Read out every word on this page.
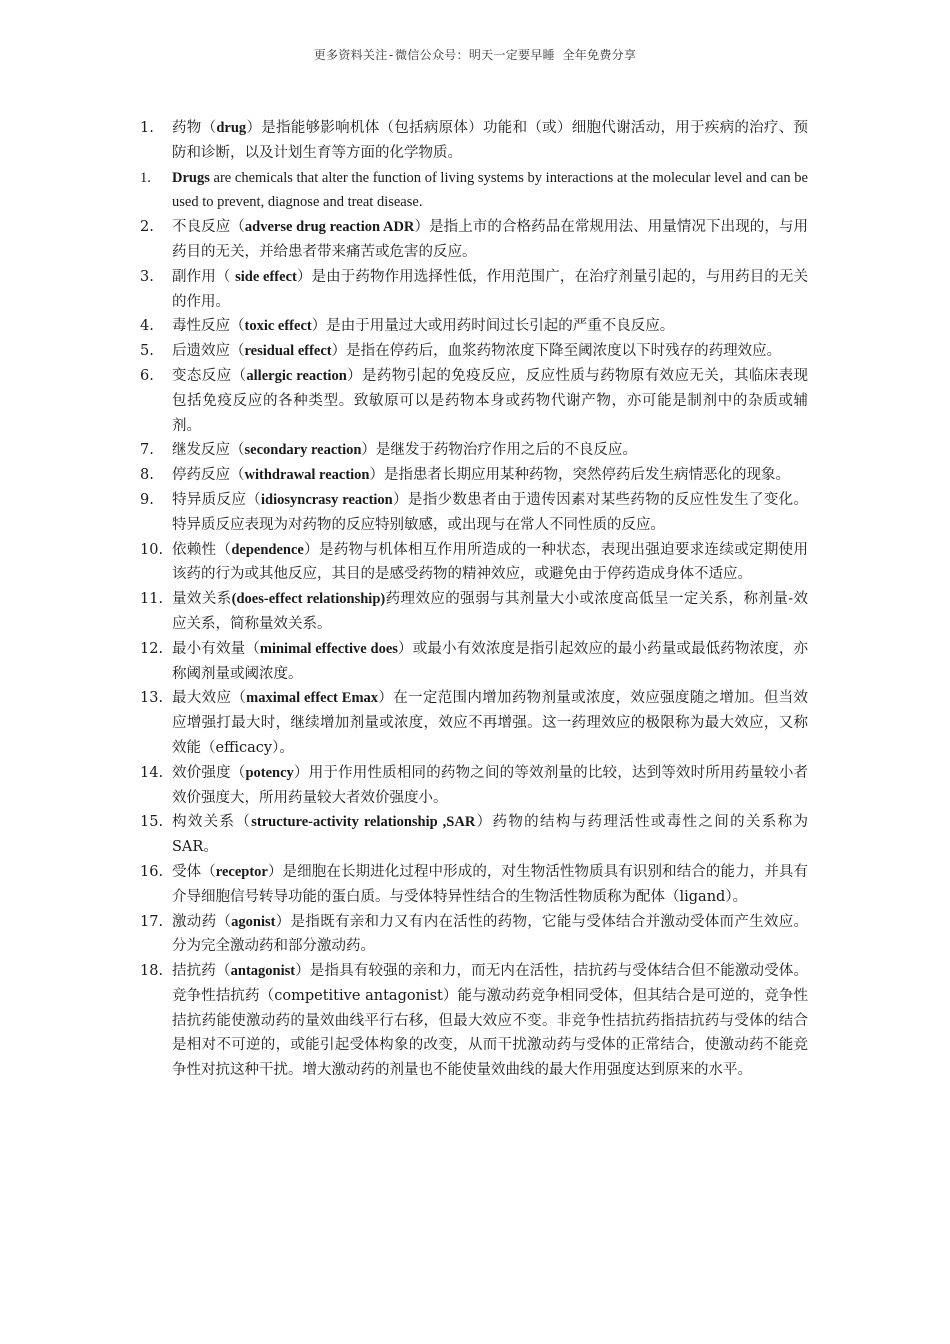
更多资料关注-微信公众号：明天一定要早睡 全年免费分享
1.	药物（drug）是指能够影响机体（包括病原体）功能和（或）细胞代谢活动，用于疾病的治疗、预防和诊断，以及计划生育等方面的化学物质。
1.	Drugs are chemicals that alter the function of living systems by interactions at the molecular level and can be used to prevent, diagnose and treat disease.
2.	不良反应（adverse drug reaction ADR）是指上市的合格药品在常规用法、用量情况下出现的，与用药目的无关，并给患者带来痛苦或危害的反应。
3.	副作用（ side effect）是由于药物作用选择性低，作用范围广，在治疗剂量引起的，与用药目的无关的作用。
4.	毒性反应（toxic effect）是由于用量过大或用药时间过长引起的严重不良反应。
5.	后遗效应（residual effect）是指在停药后，血浆药物浓度下降至阈浓度以下时残存的药理效应。
6.	变态反应（allergic reaction）是药物引起的免疫反应，反应性质与药物原有效应无关，其临床表现包括免疫反应的各种类型。致敏原可以是药物本身或药物代谢产物，亦可能是制剂中的杂质或辅剂。
7.	继发反应（secondary reaction）是继发于药物治疗作用之后的不良反应。
8.	停药反应（withdrawal reaction）是指患者长期应用某种药物，突然停药后发生病情恶化的现象。
9.	特异质反应（idiosyncrasy reaction）是指少数患者由于遗传因素对某些药物的反应性发生了变化。特异质反应表现为对药物的反应特别敏感，或出现与在常人不同性质的反应。
10. 依赖性（dependence）是药物与机体相互作用所造成的一种状态，表现出强迫要求连续或定期使用该药的行为或其他反应，其目的是感受药物的精神效应，或避免由于停药造成身体不适应。
11. 量效关系(does-effect relationship)药理效应的强弱与其剂量大小或浓度高低呈一定关系，称剂量-效应关系，简称量效关系。
12. 最小有效量（minimal effective does）或最小有效浓度是指引起效应的最小药量或最低药物浓度，亦称阈剂量或阈浓度。
13. 最大效应（maximal effect Emax）在一定范围内增加药物剂量或浓度，效应强度随之增加。但当效应增强打最大时，继续增加剂量或浓度，效应不再增强。这一药理效应的极限称为最大效应，又称效能（efficacy）。
14. 效价强度（potency）用于作用性质相同的药物之间的等效剂量的比较，达到等效时所用药量较小者效价强度大，所用药量较大者效价强度小。
15. 构效关系（structure-activity relationship ,SAR）药物的结构与药理活性或毒性之间的关系称为 SAR。
16. 受体（receptor）是细胞在长期进化过程中形成的，对生物活性物质具有识别和结合的能力，并具有介导细胞信号转导功能的蛋白质。与受体特异性结合的生物活性物质称为配体（ligand）。
17. 激动药（agonist）是指既有亲和力又有内在活性的药物，它能与受体结合并激动受体而产生效应。分为完全激动药和部分激动药。
18. 拮抗药（antagonist）是指具有较强的亲和力，而无内在活性，拮抗药与受体结合但不能激动受体。竞争性拮抗药（competitive antagonist）能与激动药竞争相同受体，但其结合是可逆的，竞争性拮抗药能使激动药的量效曲线平行右移，但最大效应不变。非竞争性拮抗药指拮抗药与受体的结合是相对不可逆的，或能引起受体构象的改变，从而干扰激动药与受体的正常结合，使激动药不能竞争性对抗这种干扰。增大激动药的剂量也不能使量效曲线的最大作用强度达到原来的水平。
